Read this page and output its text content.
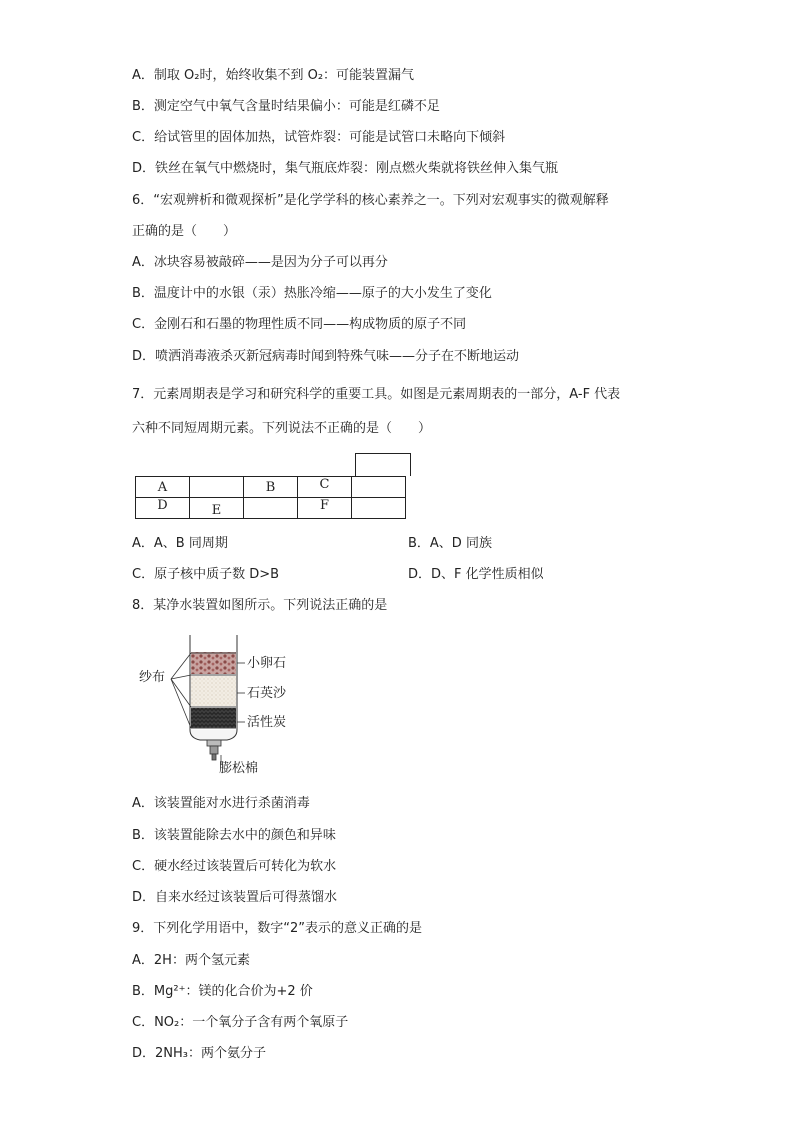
A．制取 O₂时，始终收集不到 O₂：可能装置漏气
B．测定空气中氧气含量时结果偏小：可能是红磷不足
C．给试管里的固体加热，试管炸裂：可能是试管口未略向下倾斜
D．铁丝在氧气中燃烧时，集气瓶底炸裂：刚点燃火柴就将铁丝伸入集气瓶
6．“宏观辨析和微观探析”是化学学科的核心素养之一。下列对宏观事实的微观解释
正确的是（　　）
A．冰块容易被敲碎——是因为分子可以再分
B．温度计中的水银（汞）热胀冷缩——原子的大小发生了变化
C．金刚石和石墨的物理性质不同——构成物质的原子不同
D．喷洒消毒液杀灭新冠病毒时闻到特殊气味——分子在不断地运动
7．元素周期表是学习和研究科学的重要工具。如图是元素周期表的一部分，A-F 代表
六种不同短周期元素。下列说法不正确的是（　　）
A		B	C	
D	E		F	
A．A、B 同周期	B．A、D 同族
C．原子核中质子数 D>B	D．D、F 化学性质相似
8．某净水装置如图所示。下列说法正确的是
纱布
小卵石
石英沙
活性炭
膨松棉
A．该装置能对水进行杀菌消毒
B．该装置能除去水中的颜色和异味
C．硬水经过该装置后可转化为软水
D．自来水经过该装置后可得蒸馏水
9．下列化学用语中，数字“2”表示的意义正确的是
A．2H：两个氢元素
B．Mg²⁺：镁的化合价为+2 价
C．NO₂：一个氧分子含有两个氧原子
D．2NH₃：两个氨分子
